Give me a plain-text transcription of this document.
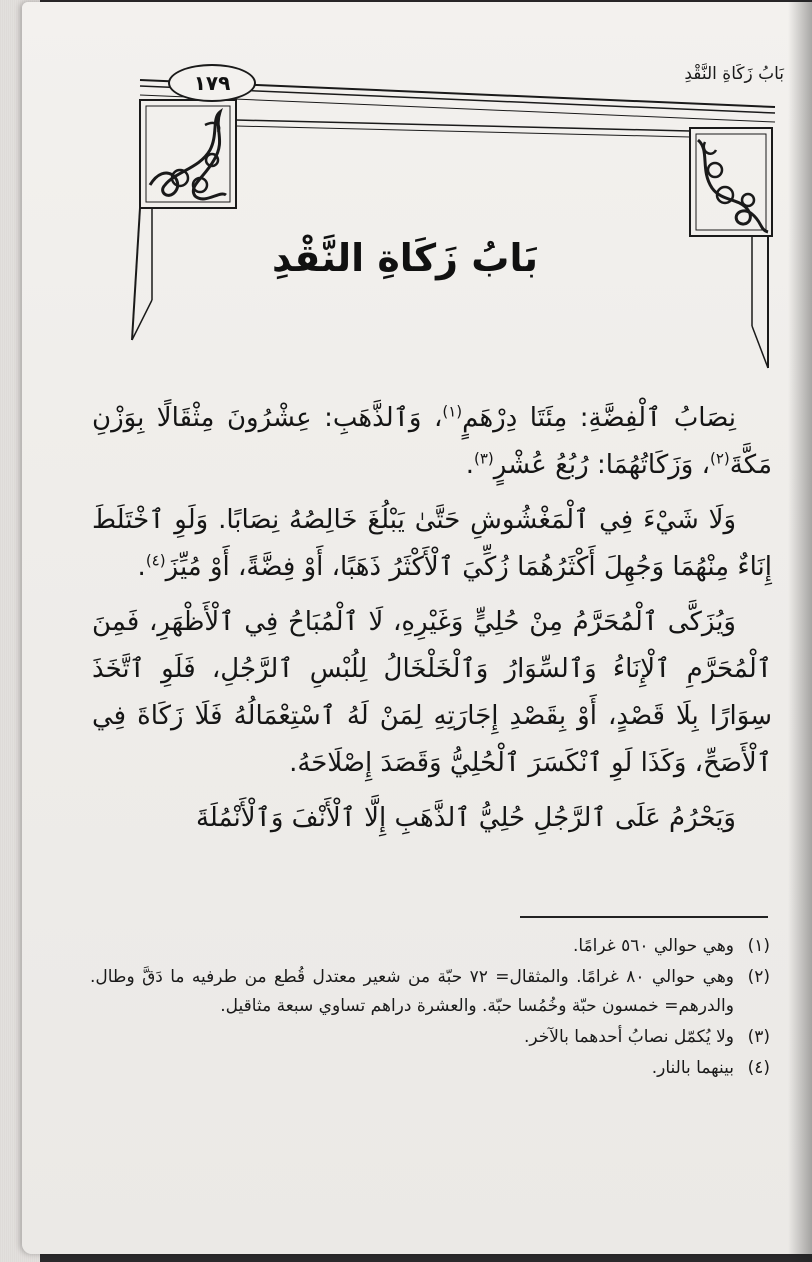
بَابُ زَكَاةِ النَّقْدِ
١٧٩
بَابُ زَكَاةِ النَّقْدِ

نِصَابُ ٱلْفِضَّةِ: مِئَتَا دِرْهَمٍ$^{(١)}$، وَٱلذَّهَبِ: عِشْرُونَ مِثْقَالًا بِوَزْنِ مَكَّةَ$^{(٢)}$، وَزَكَاتُهُمَا: رُبُعُ عُشْرٍ$^{(٣)}$.

وَلَا شَيْءَ فِي ٱلْمَغْشُوشِ حَتَّىٰ يَبْلُغَ خَالِصُهُ نِصَابًا. وَلَوِ ٱخْتَلَطَ إِنَاءٌ مِنْهُمَا وَجُهِلَ أَكْثَرُهُمَا زُكِّيَ ٱلْأَكْثَرُ ذَهَبًا، أَوْ فِضَّةً، أَوْ مُيِّزَ$^{(٤)}$.

وَيُزَكَّى ٱلْمُحَرَّمُ مِنْ حُلِيٍّ وَغَيْرِهِ، لَا ٱلْمُبَاحُ فِي ٱلْأَظْهَرِ، فَمِنَ ٱلْمُحَرَّمِ ٱلْإِنَاءُ وَٱلسِّوَارُ وَٱلْخَلْخَالُ لِلُبْسِ ٱلرَّجُلِ، فَلَوِ ٱتَّخَذَ سِوَارًا بِلَا قَصْدٍ، أَوْ بِقَصْدِ إِجَارَتِهِ لِمَنْ لَهُ ٱسْتِعْمَالُهُ فَلَا زَكَاةَ فِي ٱلْأَصَحِّ، وَكَذَا لَوِ ٱنْكَسَرَ ٱلْحُلِيُّ وَقَصَدَ إِصْلَاحَهُ.

وَيَحْرُمُ عَلَى ٱلرَّجُلِ حُلِيُّ ٱلذَّهَبِ إِلَّا ٱلْأَنْفَ وَٱلْأَنْمُلَةَ

(١)
وهي حوالي ٥٦٠ غرامًا.
(٢)
وهي حوالي ٨٠ غرامًا. والمثقال= ٧٢ حبّة من شعير معتدل قُطع من طرفيه ما دَقَّ وطال. والدرهم= خمسون حبّة وخُمُسا حبّة. والعشرة دراهم تساوي سبعة مثاقيل.
(٣)
ولا يُكمّل نصابُ أحدهما بالآخر.
(٤)
بينهما بالنار.
